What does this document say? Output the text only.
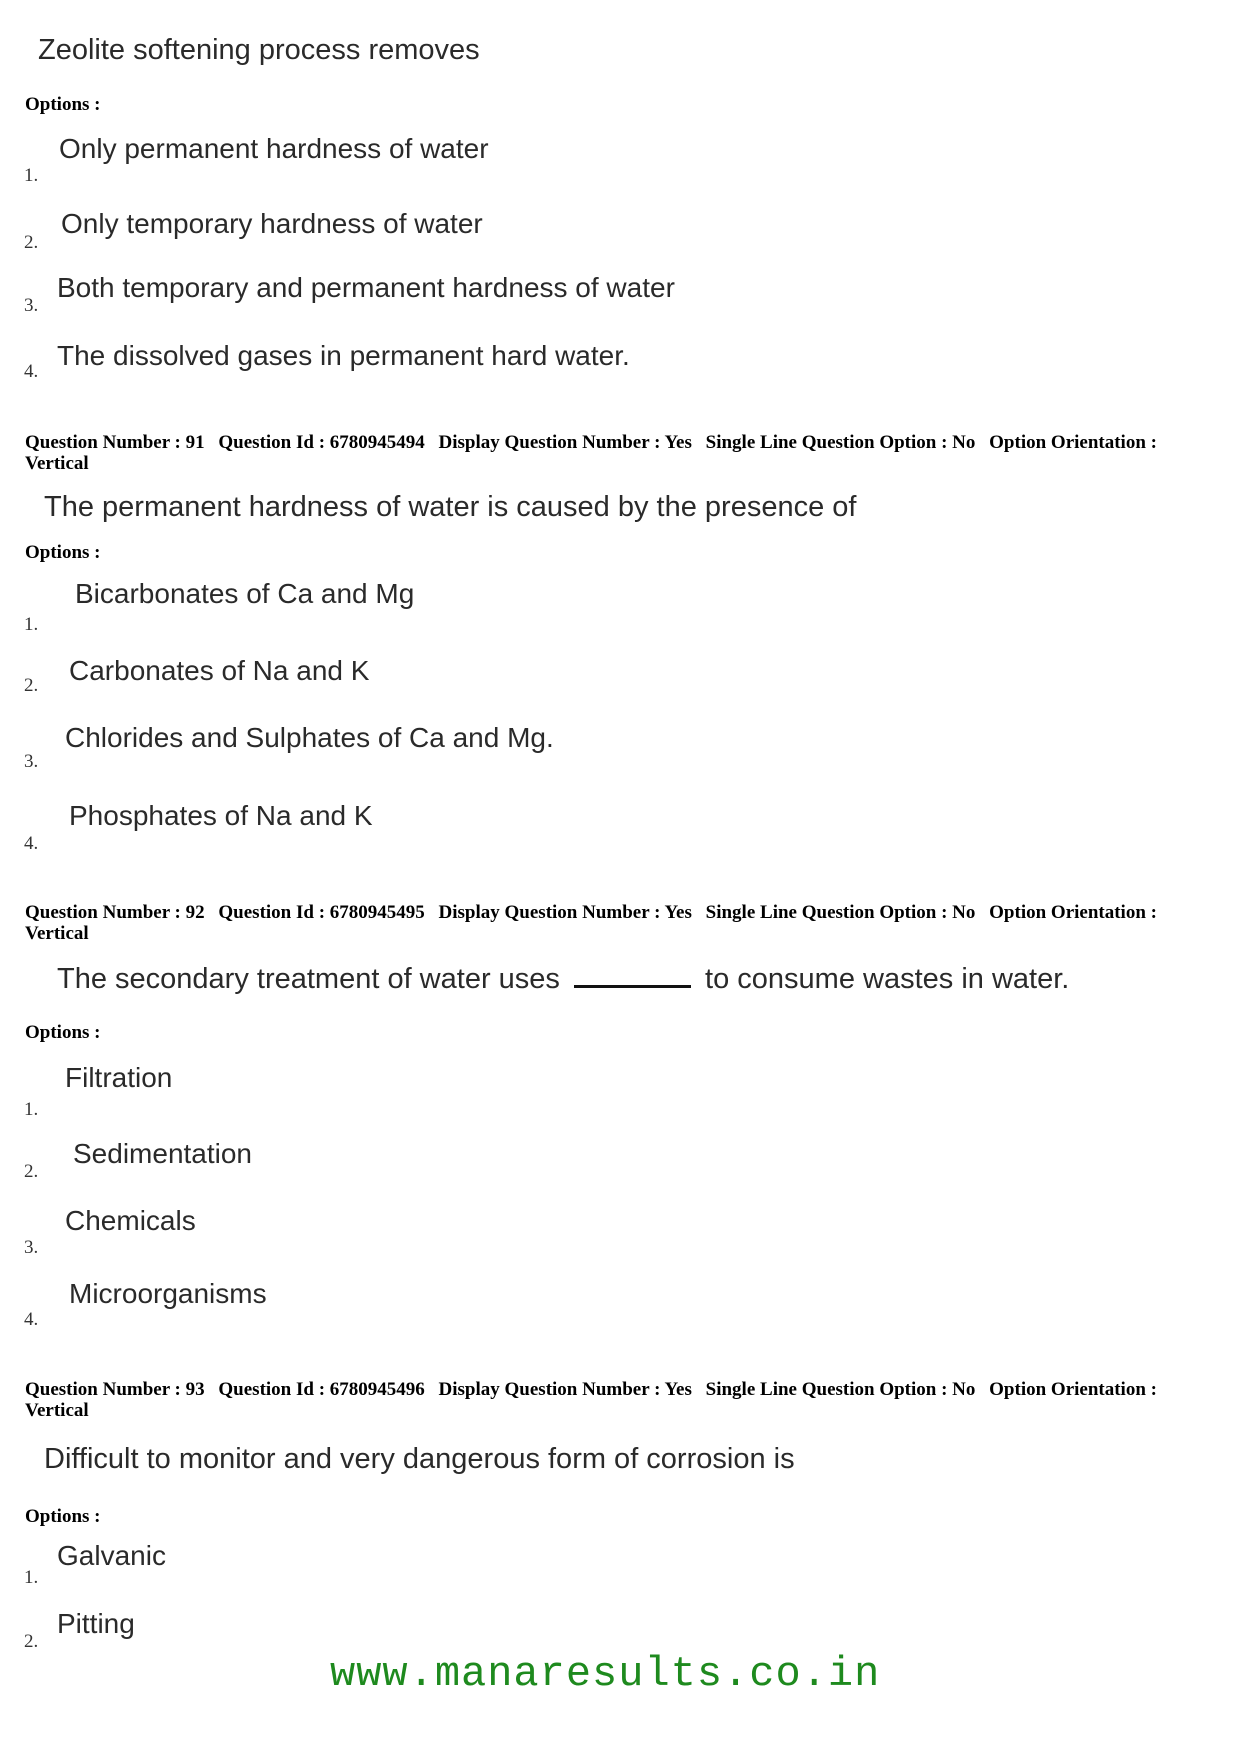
Zeolite softening process removes
Options :
1.
Only permanent hardness of water
2.
Only temporary hardness of water
3.
Both temporary and permanent hardness of water
4.
The dissolved gases in permanent hard water.
Question Number : 91 Question Id : 6780945494 Display Question Number : Yes Single Line Question Option : No Option Orientation : Vertical
The permanent hardness of water is caused by the presence of
Options :
1.
Bicarbonates of Ca and Mg
2. Carbonates of Na and K
3.
Chlorides and Sulphates of Ca and Mg.
4.
Phosphates of Na and K
Question Number : 92 Question Id : 6780945495 Display Question Number : Yes Single Line Question Option : No Option Orientation : Vertical
The secondary treatment of water uses	to consume wastes in water.
Options :
1.
Filtration
2.
Sedimentation
3.
Chemicals
4.
Microorganisms
Question Number : 93 Question Id : 6780945496 Display Question Number : Yes Single Line Question Option : No Option Orientation : Vertical
Difficult to monitor and very dangerous form of corrosion is
Options :
1.
Galvanic
2.
Pitting
www.manaresults.co.in
